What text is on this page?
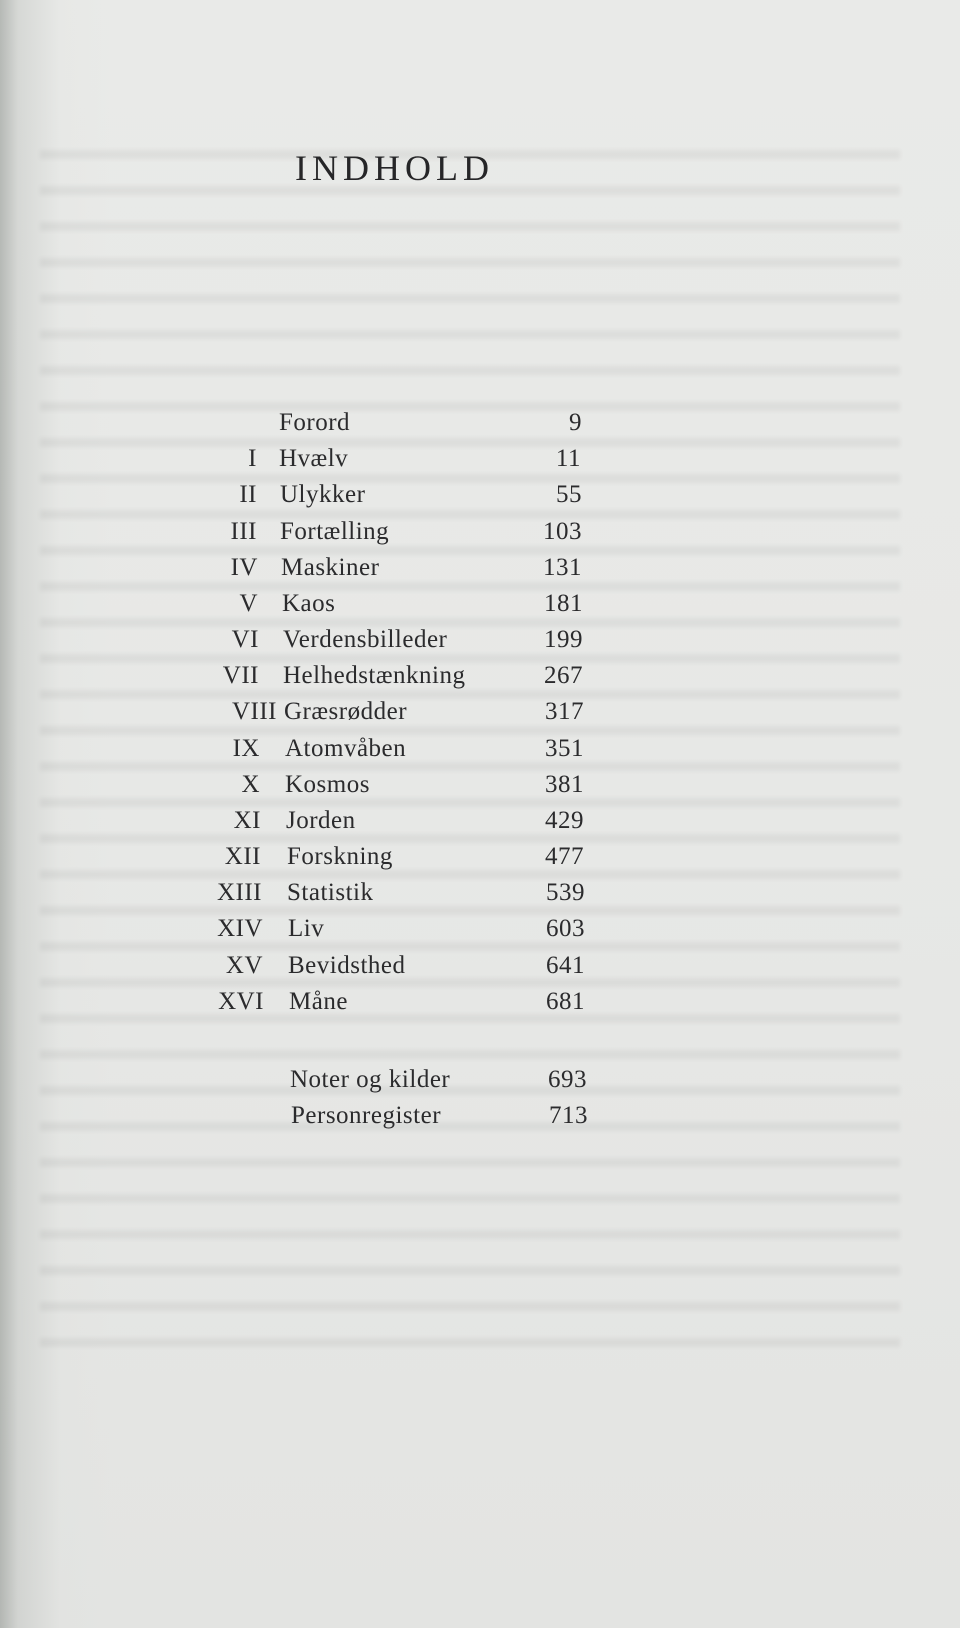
INDHOLD
Forord	9
I Hvælv	11
II Ulykker	55
III Fortælling	103
IV Maskiner	131
V Kaos	181
VI Verdensbilleder	199
VII Helhedstænkning	267
VIII Græsrødder	317
IX Atomvåben	351
X Kosmos	381
XI Jorden	429
XII Forskning	477
XIII Statistik	539
XIV Liv	603
XV Bevidsthed	641
XVI Måne	681
Noter og kilder	693
Personregister	713
